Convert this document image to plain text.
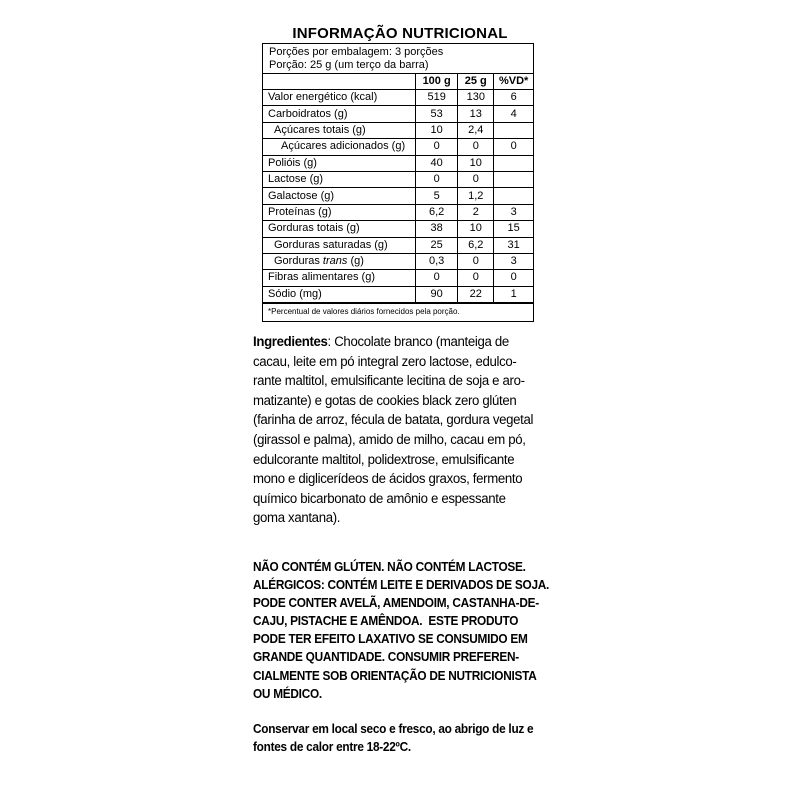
INFORMAÇÃO NUTRICIONAL
Porções por embalagem: 3 porções
Porção: 25 g (um terço da barra)
	100 g	25 g	%VD*
Valor energético (kcal)	519	130	6
Carboidratos (g)	53	13	4
Açúcares totais (g)	10	2,4	
Açúcares adicionados (g)	0	0	0
Polióis (g)	40	10	
Lactose (g)	0	0	
Galactose (g)	5	1,2	
Proteínas (g)	6,2	2	3
Gorduras totais (g)	38	10	15
Gorduras saturadas (g)	25	6,2	31
Gorduras trans (g)	0,3	0	3
Fibras alimentares (g)	0	0	0
Sódio (mg)	90	22	1
*Percentual de valores diários fornecidos pela porção.
Ingredientes: Chocolate branco (manteiga de
cacau, leite em pó integral zero lactose, edulco-
rante maltitol, emulsificante lecitina de soja e aro-
matizante) e gotas de cookies black zero glúten
(farinha de arroz, fécula de batata, gordura vegetal
(girassol e palma), amido de milho, cacau em pó,
edulcorante maltitol, polidextrose, emulsificante
mono e diglicerídeos de ácidos graxos, fermento
químico bicarbonato de amônio e espessante
goma xantana).
NÃO CONTÉM GLÚTEN. NÃO CONTÉM LACTOSE.
ALÉRGICOS: CONTÉM LEITE E DERIVADOS DE SOJA.
PODE CONTER AVELÃ, AMENDOIM, CASTANHA-DE-
CAJU, PISTACHE E AMÊNDOA.  ESTE PRODUTO
PODE TER EFEITO LAXATIVO SE CONSUMIDO EM
GRANDE QUANTIDADE. CONSUMIR PREFEREN-
CIALMENTE SOB ORIENTAÇÃO DE NUTRICIONISTA
OU MÉDICO.
Conservar em local seco e fresco, ao abrigo de luz e
fontes de calor entre 18-22ºC.
